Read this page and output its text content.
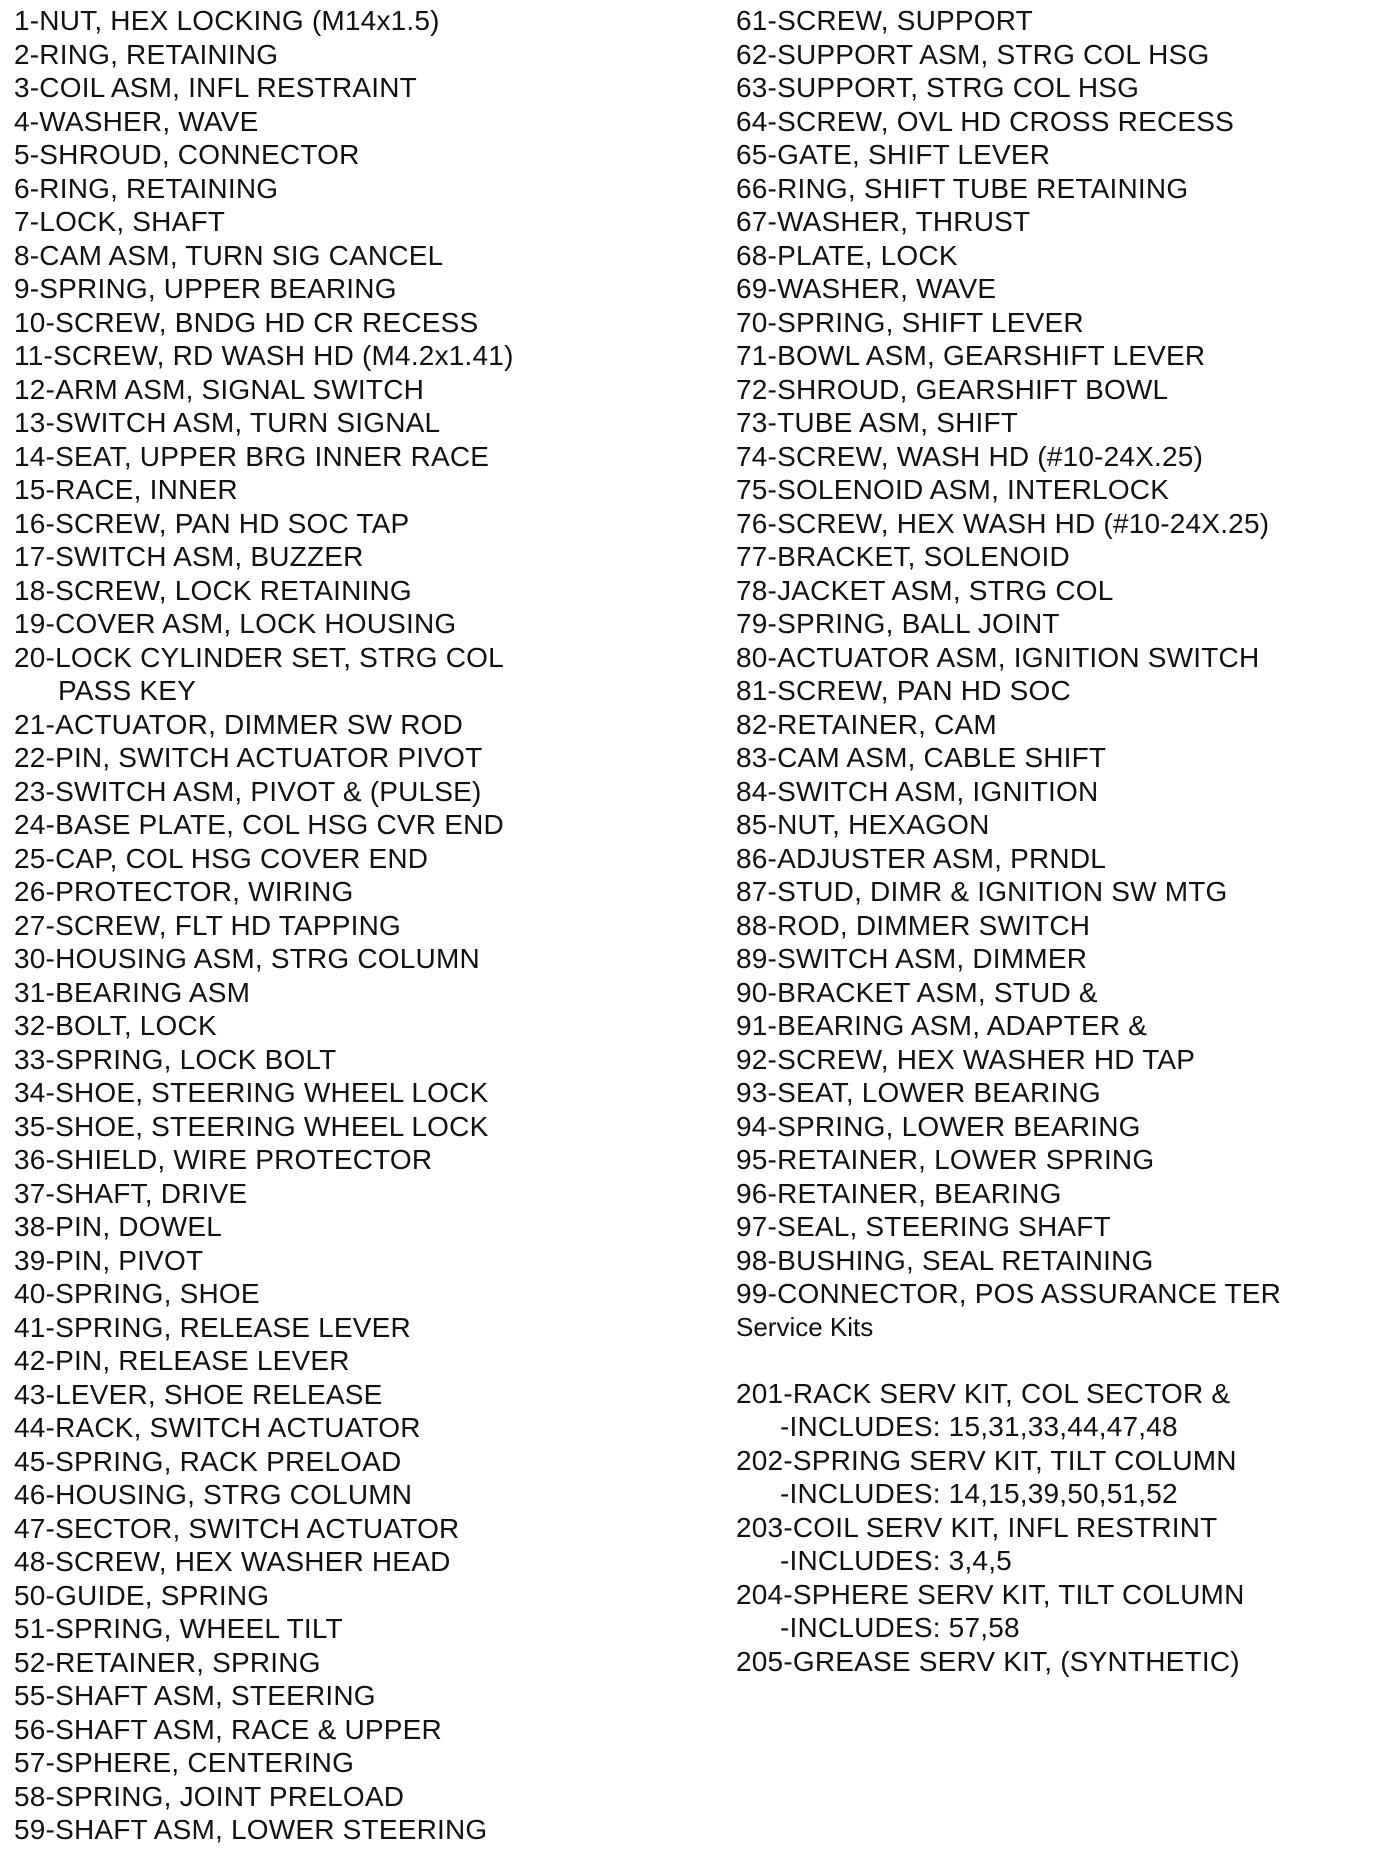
1-NUT, HEX LOCKING (M14x1.5)
2-RING, RETAINING
3-COIL ASM, INFL RESTRAINT
4-WASHER, WAVE
5-SHROUD, CONNECTOR
6-RING, RETAINING
7-LOCK, SHAFT
8-CAM ASM, TURN SIG CANCEL
9-SPRING, UPPER BEARING
10-SCREW, BNDG HD CR RECESS
11-SCREW, RD WASH HD (M4.2x1.41)
12-ARM ASM, SIGNAL SWITCH
13-SWITCH ASM, TURN SIGNAL
14-SEAT, UPPER BRG INNER RACE
15-RACE, INNER
16-SCREW, PAN HD SOC TAP
17-SWITCH ASM, BUZZER
18-SCREW, LOCK RETAINING
19-COVER ASM, LOCK HOUSING
20-LOCK CYLINDER SET, STRG COL
PASS KEY
21-ACTUATOR, DIMMER SW ROD
22-PIN, SWITCH ACTUATOR PIVOT
23-SWITCH ASM, PIVOT & (PULSE)
24-BASE PLATE, COL HSG CVR END
25-CAP, COL HSG COVER END
26-PROTECTOR, WIRING
27-SCREW, FLT HD TAPPING
30-HOUSING ASM, STRG COLUMN
31-BEARING ASM
32-BOLT, LOCK
33-SPRING, LOCK BOLT
34-SHOE, STEERING WHEEL LOCK
35-SHOE, STEERING WHEEL LOCK
36-SHIELD, WIRE PROTECTOR
37-SHAFT, DRIVE
38-PIN, DOWEL
39-PIN, PIVOT
40-SPRING, SHOE
41-SPRING, RELEASE LEVER
42-PIN, RELEASE LEVER
43-LEVER, SHOE RELEASE
44-RACK, SWITCH ACTUATOR
45-SPRING, RACK PRELOAD
46-HOUSING, STRG COLUMN
47-SECTOR, SWITCH ACTUATOR
48-SCREW, HEX WASHER HEAD
50-GUIDE, SPRING
51-SPRING, WHEEL TILT
52-RETAINER, SPRING
55-SHAFT ASM, STEERING
56-SHAFT ASM, RACE & UPPER
57-SPHERE, CENTERING
58-SPRING, JOINT PRELOAD
59-SHAFT ASM, LOWER STEERING
61-SCREW, SUPPORT
62-SUPPORT ASM, STRG COL HSG
63-SUPPORT, STRG COL HSG
64-SCREW, OVL HD CROSS RECESS
65-GATE, SHIFT LEVER
66-RING, SHIFT TUBE RETAINING
67-WASHER, THRUST
68-PLATE, LOCK
69-WASHER, WAVE
70-SPRING, SHIFT LEVER
71-BOWL ASM, GEARSHIFT LEVER
72-SHROUD, GEARSHIFT BOWL
73-TUBE ASM, SHIFT
74-SCREW, WASH HD (#10-24X.25)
75-SOLENOID ASM, INTERLOCK
76-SCREW, HEX WASH HD (#10-24X.25)
77-BRACKET, SOLENOID
78-JACKET ASM, STRG COL
79-SPRING, BALL JOINT
80-ACTUATOR ASM, IGNITION SWITCH
81-SCREW, PAN HD SOC
82-RETAINER, CAM
83-CAM ASM, CABLE SHIFT
84-SWITCH ASM, IGNITION
85-NUT, HEXAGON
86-ADJUSTER ASM, PRNDL
87-STUD, DIMR & IGNITION SW MTG
88-ROD, DIMMER SWITCH
89-SWITCH ASM, DIMMER
90-BRACKET ASM, STUD &
91-BEARING ASM, ADAPTER &
92-SCREW, HEX WASHER HD TAP
93-SEAT, LOWER BEARING
94-SPRING, LOWER BEARING
95-RETAINER, LOWER SPRING
96-RETAINER, BEARING
97-SEAL, STEERING SHAFT
98-BUSHING, SEAL RETAINING
99-CONNECTOR, POS ASSURANCE TER
Service Kits
201-RACK SERV KIT, COL SECTOR &
-INCLUDES: 15,31,33,44,47,48
202-SPRING SERV KIT, TILT COLUMN
-INCLUDES: 14,15,39,50,51,52
203-COIL SERV KIT, INFL RESTRINT
-INCLUDES: 3,4,5
204-SPHERE SERV KIT, TILT COLUMN
-INCLUDES: 57,58
205-GREASE SERV KIT, (SYNTHETIC)
